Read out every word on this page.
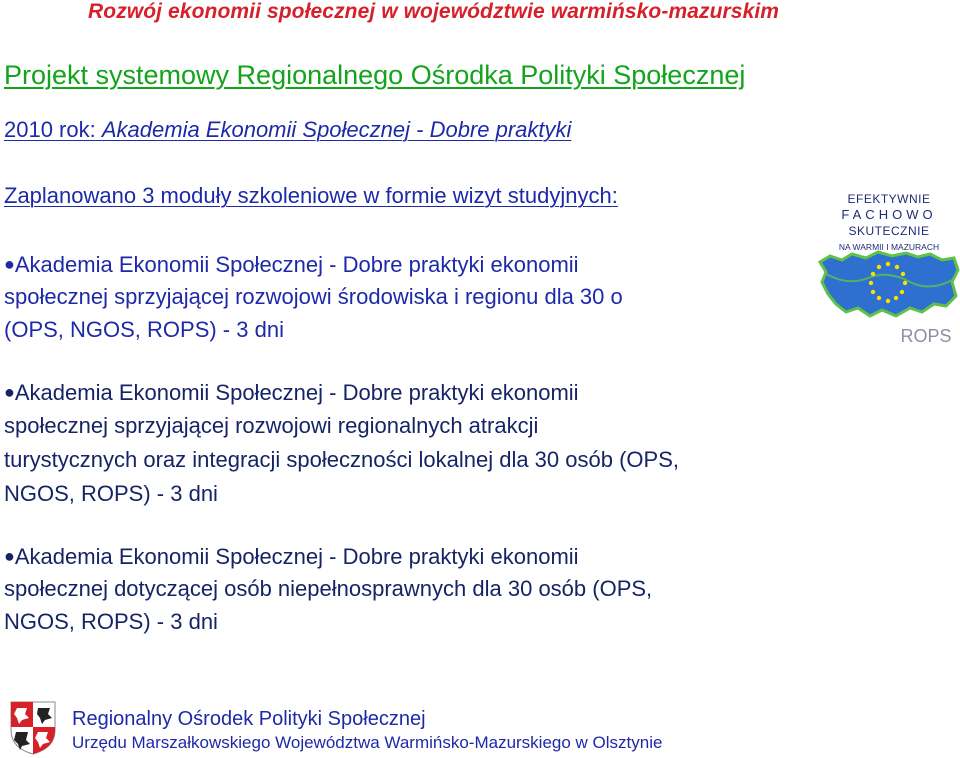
Rozwój ekonomii społecznej w województwie warmińsko-mazurskim
Projekt systemowy Regionalnego Ośrodka Polityki Społecznej
2010 rok: Akademia Ekonomii Społecznej - Dobre praktyki
Zaplanowano 3 moduły szkoleniowe w formie wizyt studyjnych:
●Akademia Ekonomii Społecznej - Dobre praktyki ekonomii
społecznej sprzyjającej rozwojowi środowiska i regionu dla 30 o
(OPS, NGOS, ROPS) - 3 dni
●Akademia Ekonomii Społecznej - Dobre praktyki ekonomii
społecznej sprzyjającej rozwojowi regionalnych atrakcji
turystycznych oraz integracji społeczności lokalnej dla 30 osób (OPS,
NGOS, ROPS) - 3 dni
●Akademia Ekonomii Społecznej - Dobre praktyki ekonomii
społecznej dotyczącej osób niepełnosprawnych dla 30 osób (OPS,
NGOS, ROPS) - 3 dni
EFEKTYWNIE
FACHOWO
SKUTECZNIE
NA WARMII I MAZURACH
ROPS
Regionalny Ośrodek Polityki Społecznej
Urzędu Marszałkowskiego Województwa Warmińsko-Mazurskiego w Olsztynie
